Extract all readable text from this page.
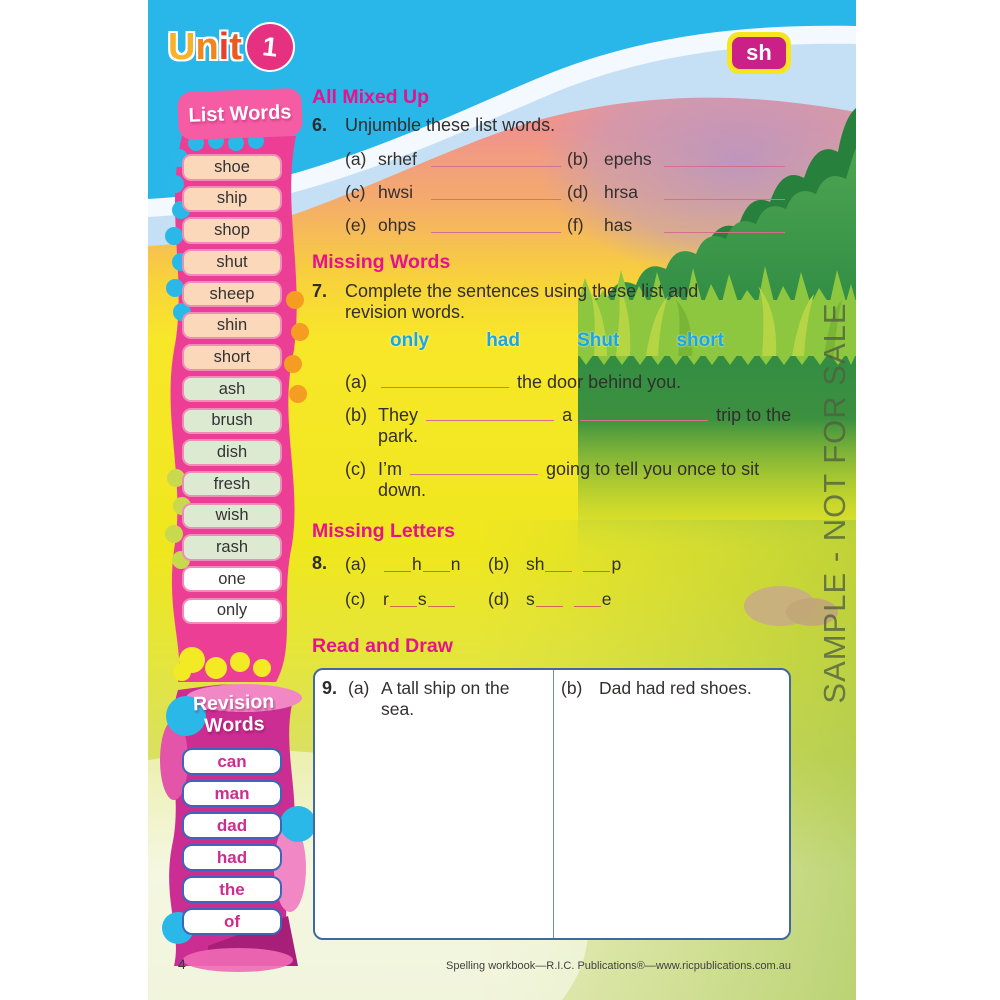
Unit 1	sh
List Words
shoe
ship
shop
shut
sheep
shin
short
ash
brush
dish
fresh
wish
rash
one
only
Revision Words
can
man
dad
had
the
of
All Mixed Up
6. Unjumble these list words.
(a) srhef	(b) epehs
(c) hwsi	(d) hrsa
(e) ohps	(f)	has
Missing Words
7. Complete the sentences using these list and revision words.
only	had	Shut	short
(a)	the door behind you.
(b) They	a	trip to the park.
(c) I’m	going to tell you once to sit down.
Missing Letters
8. (a)	h n (b) sh	p
(c)	r s	(d) s	e
Read and Draw
9. (a) A tall ship on the sea.
(b) Dad had red shoes.	SAMPLE - NOT FOR SALE
4	Spelling workbook—R.I.C. Publications®—www.ricpublications.com.au
